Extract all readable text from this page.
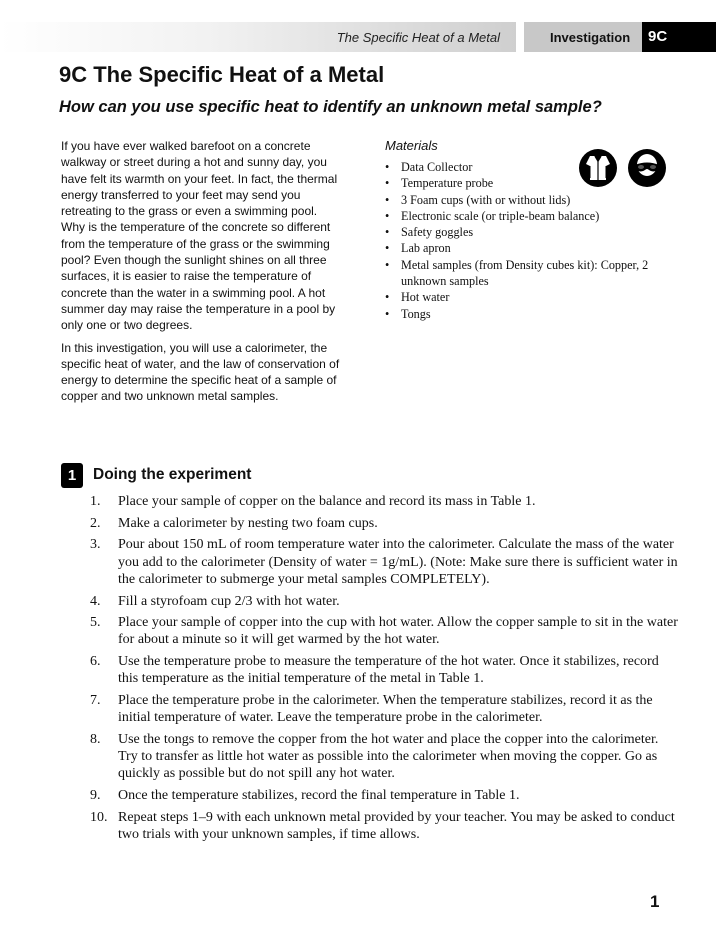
The Specific Heat of a Metal	Investigation 9C
9C The Specific Heat of a Metal
How can you use specific heat to identify an unknown metal sample?

If you have ever walked barefoot on a concrete walkway or street during a hot and sunny day, you have felt its warmth on your feet. In fact, the thermal energy transferred to your feet may send you retreating to the grass or even a swimming pool. Why is the temperature of the concrete so different from the temperature of the grass or the swimming pool? Even though the sunlight shines on all three surfaces, it is easier to raise the temperature of concrete than the water in a swimming pool. A hot summer day may raise the temperature in a pool by only one or two degrees.

In this investigation, you will use a calorimeter, the specific heat of water, and the law of conservation of energy to determine the specific heat of a sample of copper and two unknown metal samples.

Materials
• Data Collector
• Temperature probe
• 3 Foam cups (with or without lids)
• Electronic scale (or triple-beam balance)
• Safety goggles
• Lab apron
• Metal samples (from Density cubes kit): Copper, 2 unknown samples
• Hot water
• Tongs
1	Doing the experiment
1. Place your sample of copper on the balance and record its mass in Table 1.
2. Make a calorimeter by nesting two foam cups.
3. Pour about 150 mL of room temperature water into the calorimeter. Calculate the mass of the water you add to the calorimeter (Density of water = 1g/mL). (Note: Make sure there is sufficient water in the calorimeter to submerge your metal samples COMPLETELY).
4. Fill a styrofoam cup 2/3 with hot water.
5. Place your sample of copper into the cup with hot water. Allow the copper sample to sit in the water for about a minute so it will get warmed by the hot water.
6. Use the temperature probe to measure the temperature of the hot water. Once it stabilizes, record this temperature as the initial temperature of the metal in Table 1.
7. Place the temperature probe in the calorimeter. When the temperature stabilizes, record it as the initial temperature of water. Leave the temperature probe in the calorimeter.
8. Use the tongs to remove the copper from the hot water and place the copper into the calorimeter. Try to transfer as little hot water as possible into the calorimeter when moving the copper. Go as quickly as possible but do not spill any hot water.
9. Once the temperature stabilizes, record the final temperature in Table 1.
10. Repeat steps 1–9 with each unknown metal provided by your teacher. You may be asked to conduct two trials with your unknown samples, if time allows.
1
